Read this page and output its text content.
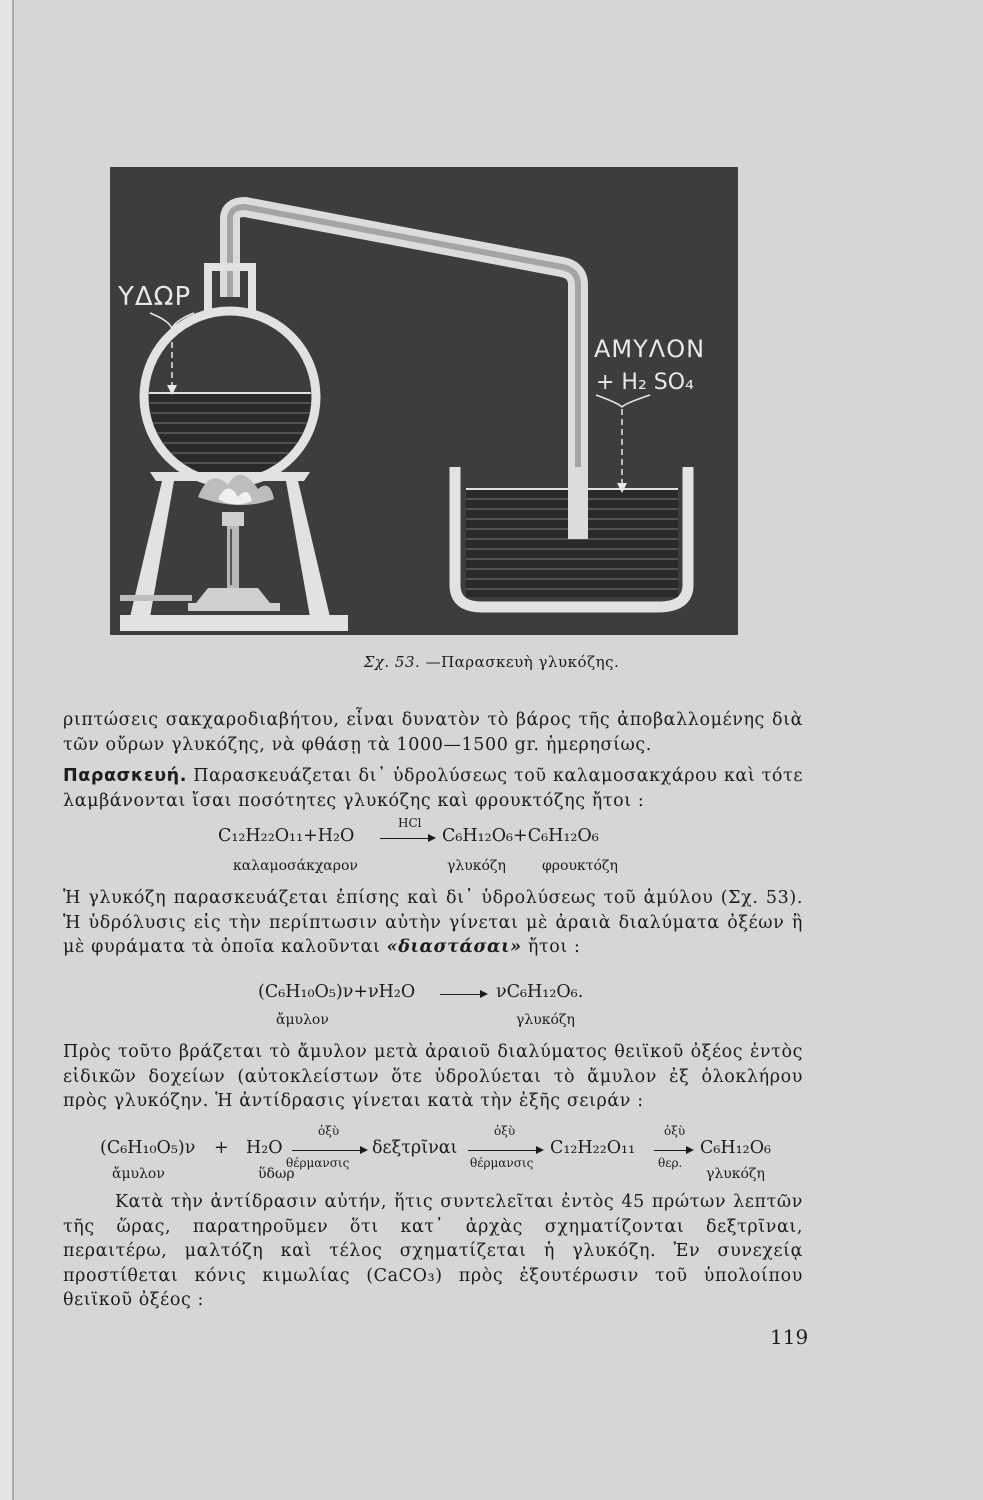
ΥΔΩΡ
ΑΜΥΛΟΝ
+ H₂ SO₄
Σχ. 53. —Παρασκευὴ γλυκόζης.
ριπτώσεις σακχαροδιαβήτου, εἶναι δυνατὸν τὸ βάρος τῆς ἀποβαλλομένης διὰ τῶν οὔρων γλυκόζης, νὰ φθάσῃ τὰ 1000—1500 gr. ἡμερησίως.
Παρασκευή. Παρασκευάζεται δι᾽ ὑδρολύσεως τοῦ καλαμοσακχάρου καὶ τότε λαμβάνονται ἴσαι ποσότητες γλυκόζης καὶ φρουκτόζης ἤτοι :
C₁₂H₂₂O₁₁+H₂O
HCl
C₆H₁₂O₆+C₆H₁₂O₆
καλαμοσάκχαρον	γλυκόζη	φρουκτόζη
Ἡ γλυκόζη παρασκευάζεται ἐπίσης καὶ δι᾽ ὑδρολύσεως τοῦ ἀμύλου (Σχ. 53). Ἡ ὑδρόλυσις εἰς τὴν περίπτωσιν αὐτὴν γίνεται μὲ ἀραιὰ διαλύματα ὀξέων ἢ μὲ φυράματα τὰ ὁποῖα καλοῦνται «διαστάσαι» ἤτοι :
(C₆H₁₀O₅)ν+νH₂O	νC₆H₁₂O₆.
ἄμυλον	γλυκόζη
Πρὸς τοῦτο βράζεται τὸ ἄμυλον μετὰ ἀραιοῦ διαλύματος θειϊκοῦ ὀξέος ἐντὸς εἰδικῶν δοχείων (αὐτοκλείστων ὅτε ὑδρολύεται τὸ ἄμυλον ἐξ ὁλοκλήρου πρὸς γλυκόζην. Ἡ ἀντίδρασις γίνεται κατὰ τὴν ἑξῆς σειράν :
(C₆H₁₀O₅)ν + H₂O
ὀξὺ
θέρμανσις
δεξτρῖναι
ὀξὺ
θέρμανσις
C₁₂H₂₂O₁₁
ὀξὺ
θερ.
C₆H₁₂O₆
ἄμυλον	ὕδωρ	γλυκόζη
Κατὰ τὴν ἀντίδρασιν αὐτήν, ἥτις συντελεῖται ἐντὸς 45 πρώτων λεπτῶν τῆς ὥρας, παρατηροῦμεν ὅτι κατ᾽ ἀρχὰς σχηματίζονται δεξτρῖναι, περαιτέρω, μαλτόζη καὶ τέλος σχηματίζεται ἡ γλυκόζη. Ἐν συνεχείᾳ προστίθεται κόνις κιμωλίας (CaCO₃) πρὸς ἐξουτέρωσιν τοῦ ὑπολοίπου θειϊκοῦ ὀξέος :
119
